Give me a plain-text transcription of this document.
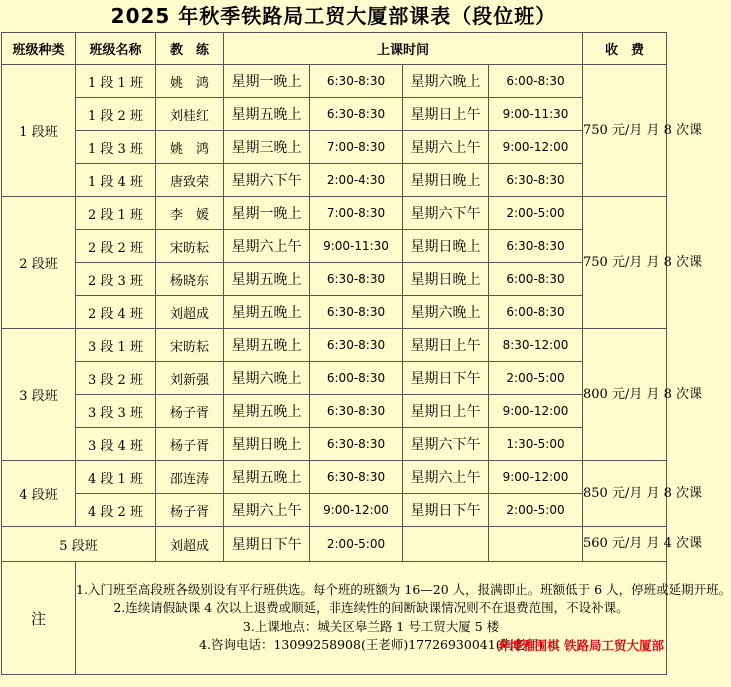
2025 年秋季铁路局工贸大厦部课表（段位班）
班级种类	班级名称	教　练	上课时间				收　费
1 段班	1 段 1 班	姚　鸿	星期一晚上	6:30-8:30	星期六晚上	6:00-8:30	750 元/月 月 8 次课
	1 段 2 班	刘桂红	星期五晚上	6:30-8:30	星期日上午	9:00-11:30	
	1 段 3 班	姚　鸿	星期三晚上	7:00-8:30	星期六上午	9:00-12:00	
	1 段 4 班	唐致荣	星期六下午	2:00-4:30	星期日晚上	6:30-8:30	
2 段班	2 段 1 班	李　媛	星期一晚上	7:00-8:30	星期六下午	2:00-5:00	750 元/月 月 8 次课
	2 段 2 班	宋昉耘	星期六上午	9:00-11:30	星期日晚上	6:30-8:30	
	2 段 3 班	杨晓东	星期五晚上	6:30-8:30	星期日晚上	6:00-8:30	
	2 段 4 班	刘超成	星期五晚上	6:30-8:30	星期六晚上	6:00-8:30	
3 段班	3 段 1 班	宋昉耘	星期五晚上	6:30-8:30	星期日上午	8:30-12:00	800 元/月 月 8 次课
	3 段 2 班	刘新强	星期六晚上	6:00-8:30	星期日下午	2:00-5:00	
	3 段 3 班	杨子胥	星期五晚上	6:30-8:30	星期日上午	9:00-12:00	
	3 段 4 班	杨子胥	星期日晚上	6:30-8:30	星期六下午	1:30-5:00	
4 段班	4 段 1 班	邵连涛	星期五晚上	6:30-8:30	星期六上午	9:00-12:00	850 元/月 月 8 次课
	4 段 2 班	杨子胥	星期六上午	9:00-12:00	星期日下午	2:00-5:00	
5 段班		刘超成	星期日下午	2:00-5:00			560 元/月 月 4 次课
注	1.入门班至高段班各级别设有平行班供选。每个班的班额为 16—20 人，报满即止。班额低于 6 人，停班或延期开班。
2.连续请假缺课 4 次以上退费或顺延，非连续性的间断缺课情况则不在退费范围，不设补课。
3.上课地点：城关区皋兰路 1 号工贸大厦 5 楼
4.咨询电话：13099258908(王老师)17726930041(陶老师)
奔博雅围棋 铁路局工贸大厦部						
